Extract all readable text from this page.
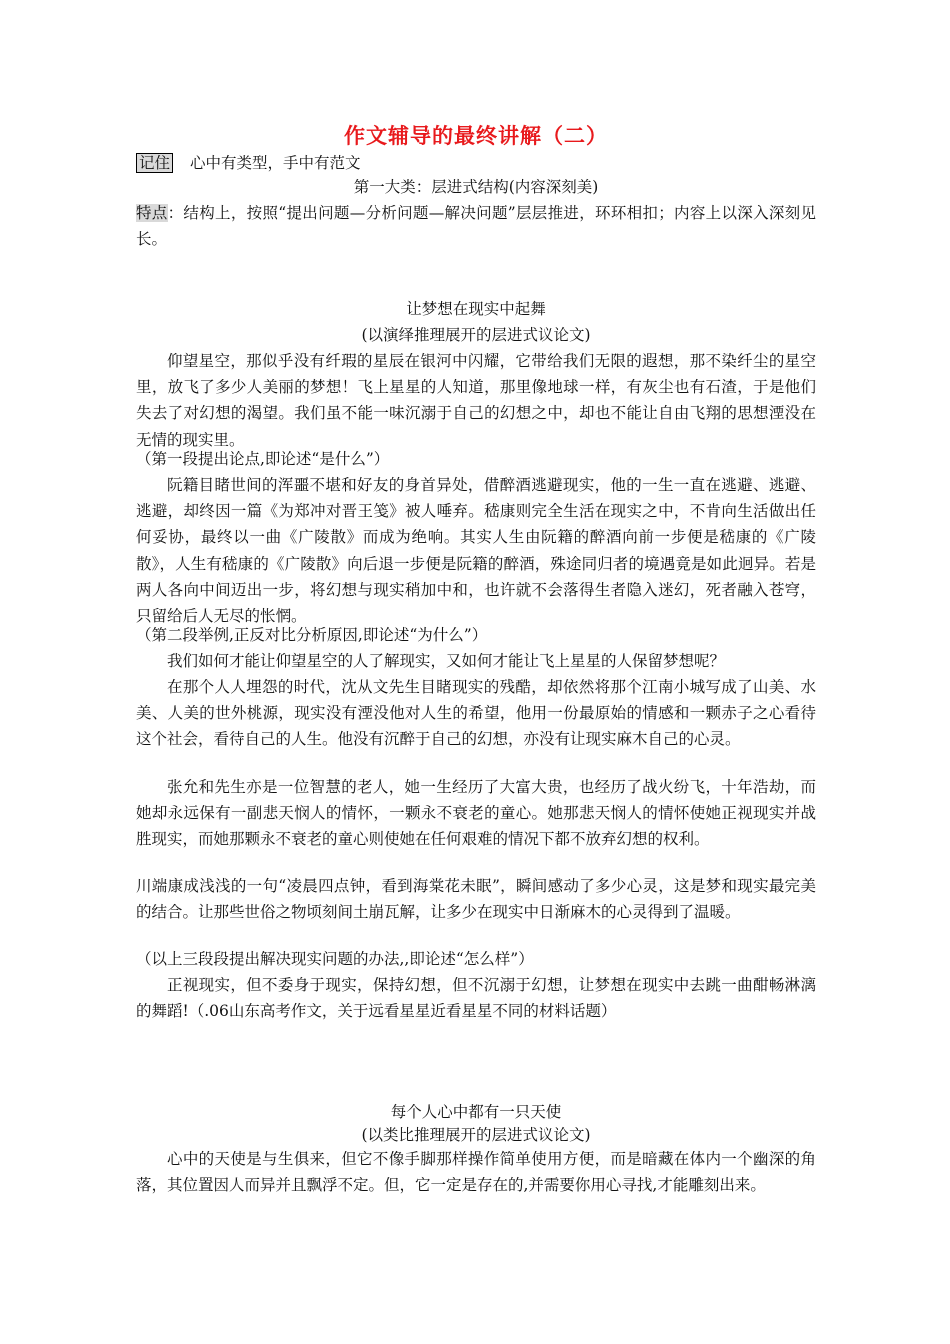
作文辅导的最终讲解（二）
记住 心中有类型，手中有范文
第一大类：层进式结构(内容深刻美)
特点：结构上，按照“提出问题—分析问题—解决问题”层层推进，环环相扣；内容上以深入深刻见长。
让梦想在现实中起舞
(以演绎推理展开的层进式议论文)
仰望星空，那似乎没有纤瑕的星辰在银河中闪耀，它带给我们无限的遐想，那不染纤尘的星空里，放飞了多少人美丽的梦想！飞上星星的人知道，那里像地球一样，有灰尘也有石渣，于是他们失去了对幻想的渴望。我们虽不能一味沉溺于自己的幻想之中，却也不能让自由飞翔的思想湮没在无情的现实里。
（第一段提出论点,即论述“是什么”）
阮籍目睹世间的浑噩不堪和好友的身首异处，借醉酒逃避现实，他的一生一直在逃避、逃避、逃避，却终因一篇《为郑冲对晋王笺》被人唾弃。嵇康则完全生活在现实之中，不肯向生活做出任何妥协，最终以一曲《广陵散》而成为绝响。其实人生由阮籍的醉酒向前一步便是嵇康的《广陵散》，人生有嵇康的《广陵散》向后退一步便是阮籍的醉酒，殊途同归者的境遇竟是如此迥异。若是两人各向中间迈出一步，将幻想与现实稍加中和，也许就不会落得生者隐入迷幻，死者融入苍穹，只留给后人无尽的怅惘。
（第二段举例,正反对比分析原因,即论述“为什么”）
我们如何才能让仰望星空的人了解现实，又如何才能让飞上星星的人保留梦想呢？
在那个人人埋怨的时代，沈从文先生目睹现实的残酷，却依然将那个江南小城写成了山美、水美、人美的世外桃源，现实没有湮没他对人生的希望，他用一份最原始的情感和一颗赤子之心看待这个社会，看待自己的人生。他没有沉醉于自己的幻想，亦没有让现实麻木自己的心灵。
张允和先生亦是一位智慧的老人，她一生经历了大富大贵，也经历了战火纷飞，十年浩劫，而她却永远保有一副悲天悯人的情怀，一颗永不衰老的童心。她那悲天悯人的情怀使她正视现实并战胜现实，而她那颗永不衰老的童心则使她在任何艰难的情况下都不放弃幻想的权利。
川端康成浅浅的一句“凌晨四点钟，看到海棠花未眠”，瞬间感动了多少心灵，这是梦和现实最完美的结合。让那些世俗之物顷刻间土崩瓦解，让多少在现实中日渐麻木的心灵得到了温暖。
（以上三段段提出解决现实问题的办法,,即论述“怎么样”）
正视现实，但不委身于现实，保持幻想，但不沉溺于幻想，让梦想在现实中去跳一曲酣畅淋漓的舞蹈!（.06山东高考作文，关于远看星星近看星星不同的材料话题）
每个人心中都有一只天使
(以类比推理展开的层进式议论文)
心中的天使是与生俱来，但它不像手脚那样操作简单使用方便，而是暗藏在体内一个幽深的角落，其位置因人而异并且飘浮不定。但，它一定是存在的,并需要你用心寻找,才能雕刻出来。
